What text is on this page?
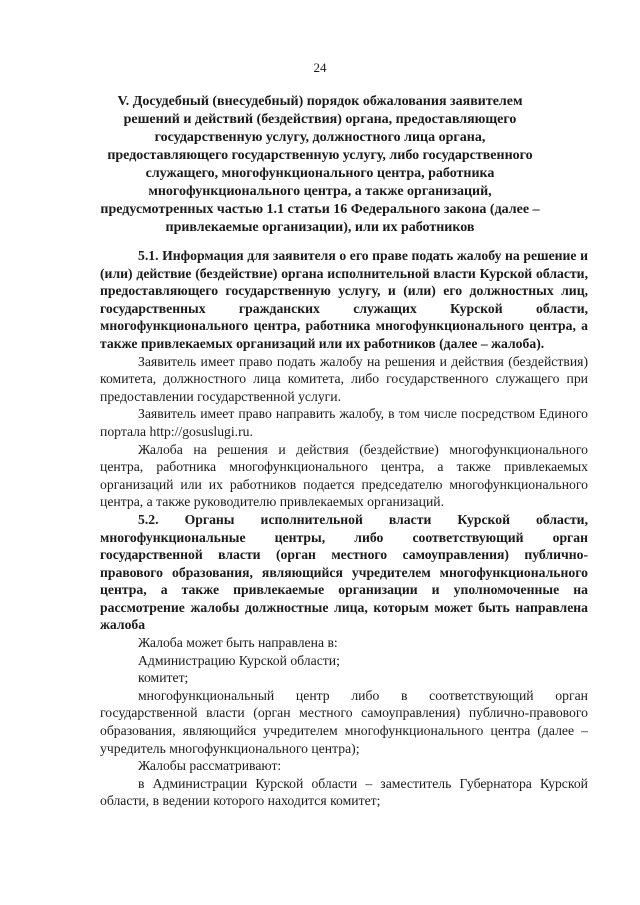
24
V. Досудебный (внесудебный) порядок обжалования заявителем решений и действий (бездействия) органа, предоставляющего государственную услугу, должностного лица органа, предоставляющего государственную услугу, либо государственного служащего, многофункционального центра, работника многофункционального центра, а также организаций, предусмотренных частью 1.1 статьи 16 Федерального закона (далее – привлекаемые организации), или их работников

5.1. Информация для заявителя о его праве подать жалобу на решение и (или) действие (бездействие) органа исполнительной власти Курской области, предоставляющего государственную услугу, и (или) его должностных лиц, государственных гражданских служащих Курской области, многофункционального центра, работника многофункционального центра, а также привлекаемых организаций или их работников (далее – жалоба).

Заявитель имеет право подать жалобу на решения и действия (бездействия) комитета, должностного лица комитета, либо государственного служащего при предоставлении государственной услуги.

Заявитель имеет право направить жалобу, в том числе посредством Единого портала http://gosuslugi.ru.

Жалоба на решения и действия (бездействие) многофункционального центра, работника многофункционального центра, а также привлекаемых организаций или их работников подается председателю многофункционального центра, а также руководителю привлекаемых организаций.

5.2. Органы исполнительной власти Курской области, многофункциональные центры, либо соответствующий орган государственной власти (орган местного самоуправления) публично-правового образования, являющийся учредителем многофункционального центра, а также привлекаемые организации и уполномоченные на рассмотрение жалобы должностные лица, которым может быть направлена жалоба

Жалоба может быть направлена в:

Администрацию Курской области;

комитет;

многофункциональный центр либо в соответствующий орган государственной власти (орган местного самоуправления) публично-правового образования, являющийся учредителем многофункционального центра (далее – учредитель многофункционального центра);

Жалобы рассматривают:

в Администрации Курской области – заместитель Губернатора Курской области, в ведении которого находится комитет;
